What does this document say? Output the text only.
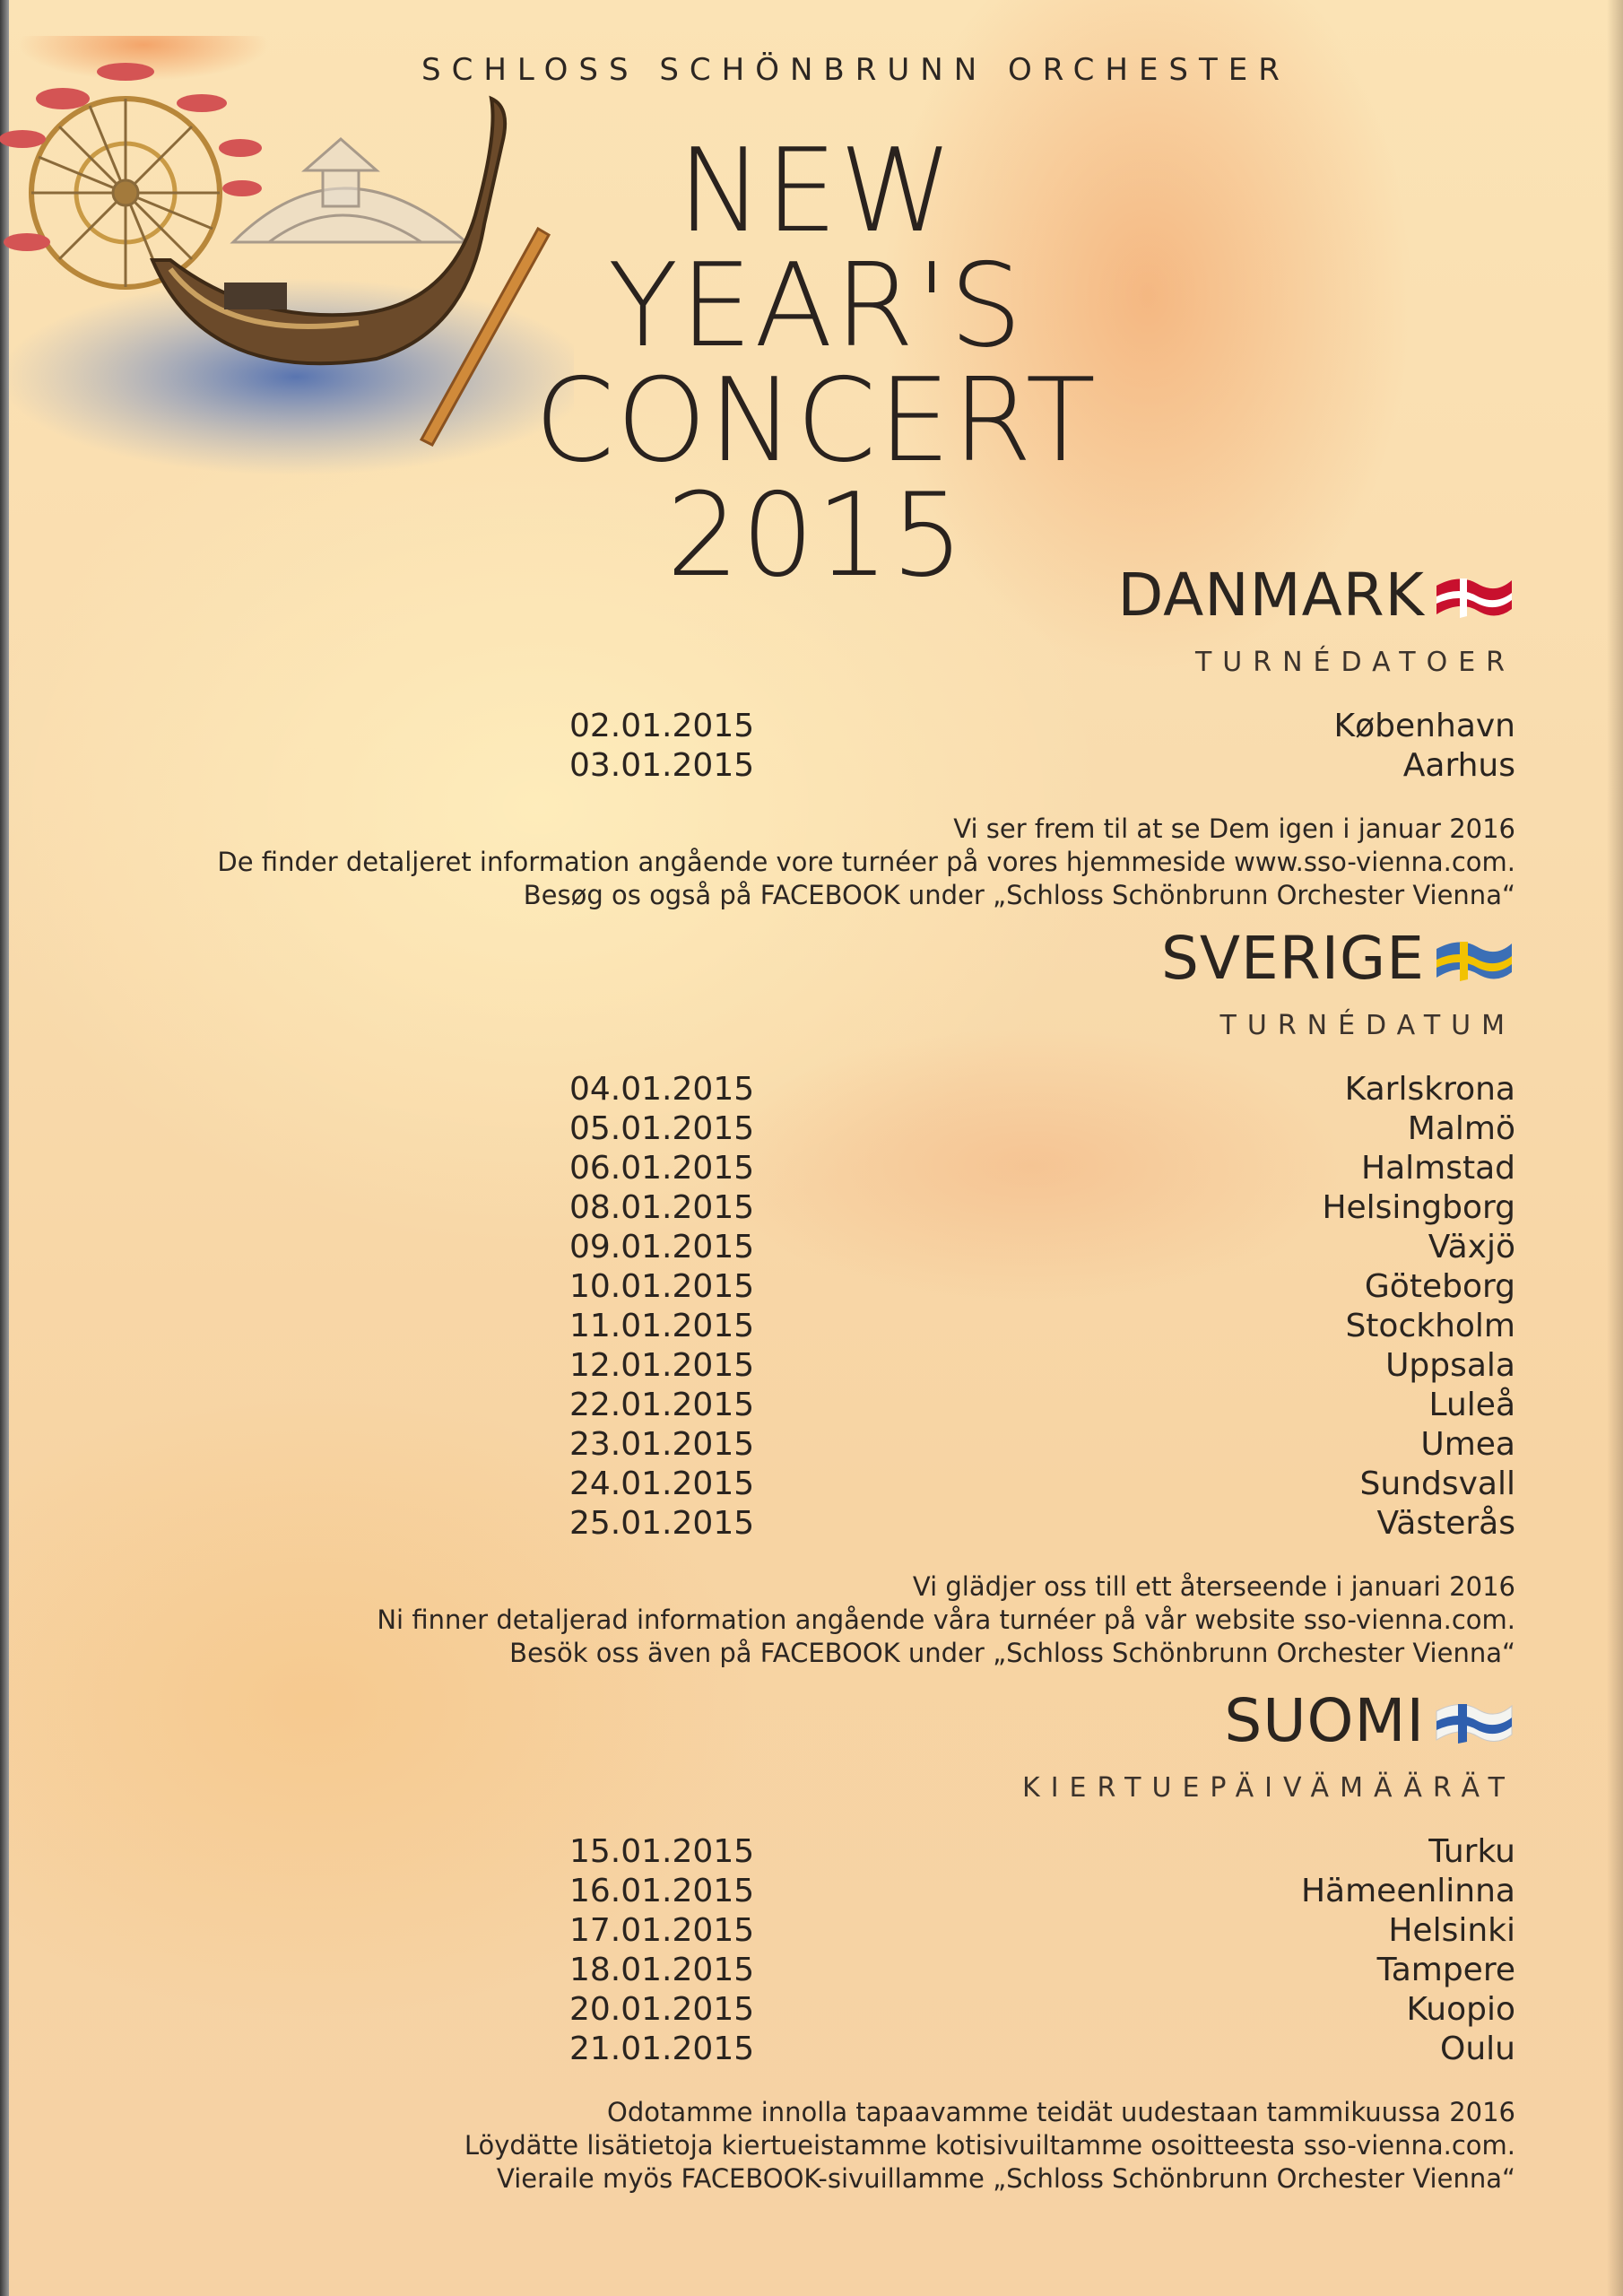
SCHLOSS SCHÖNBRUNN ORCHESTER
NEW YEAR'S
CONCERT
2015	DANMARK
TURNÉDATOER
02.01.2015	København
03.01.2015	Aarhus
Vi ser frem til at se Dem igen i januar 2016
De finder detaljeret information angående vore turnéer på vores hjemmeside www.sso-vienna.com.
Besøg os også på FACEBOOK under „Schloss Schönbrunn Orchester Vienna“
SVERIGE
TURNÉDATUM
04.01.2015	Karlskrona
05.01.2015	Malmö
06.01.2015	Halmstad
08.01.2015	Helsingborg
09.01.2015	Växjö
10.01.2015	Göteborg
11.01.2015	Stockholm
12.01.2015	Uppsala
22.01.2015	Luleå
23.01.2015	Umea
24.01.2015	Sundsvall
25.01.2015	Västerås
Vi glädjer oss till ett återseende i januari 2016
Ni finner detaljerad information angående våra turnéer på vår website sso-vienna.com.
Besök oss även på FACEBOOK under „Schloss Schönbrunn Orchester Vienna“
SUOMI
KIERTUEPÄIVÄMÄÄRÄT
15.01.2015	Turku
16.01.2015	Hämeenlinna
17.01.2015	Helsinki
18.01.2015	Tampere
20.01.2015	Kuopio
21.01.2015	Oulu
Odotamme innolla tapaavamme teidät uudestaan tammikuussa 2016
Löydätte lisätietoja kiertueistamme kotisivuiltamme osoitteesta sso-vienna.com.
Vieraile myös FACEBOOK-sivuillamme „Schloss Schönbrunn Orchester Vienna“
